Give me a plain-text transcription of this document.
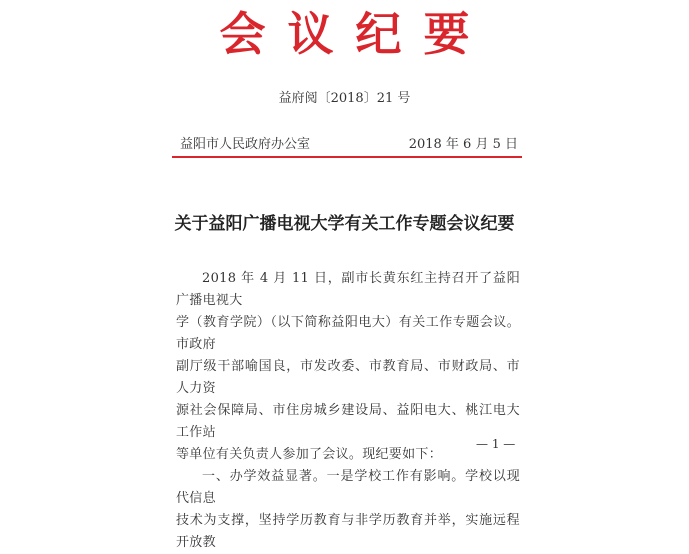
会议纪要
益府阅〔2018〕21 号
益阳市人民政府办公室	2018 年 6 月 5 日
关于益阳广播电视大学有关工作专题会议纪要

2018 年 4 月 11 日，副市长黄东红主持召开了益阳广播电视大

学（教育学院）（以下简称益阳电大）有关工作专题会议。市政府

副厅级干部喻国良，市发改委、市教育局、市财政局、市人力资

源社会保障局、市住房城乡建设局、益阳电大、桃江电大工作站

等单位有关负责人参加了会议。现纪要如下：

一、办学效益显著。一是学校工作有影响。学校以现代信息

技术为支撑，坚持学历教育与非学历教育并举，实施远程开放教

— 1 —
